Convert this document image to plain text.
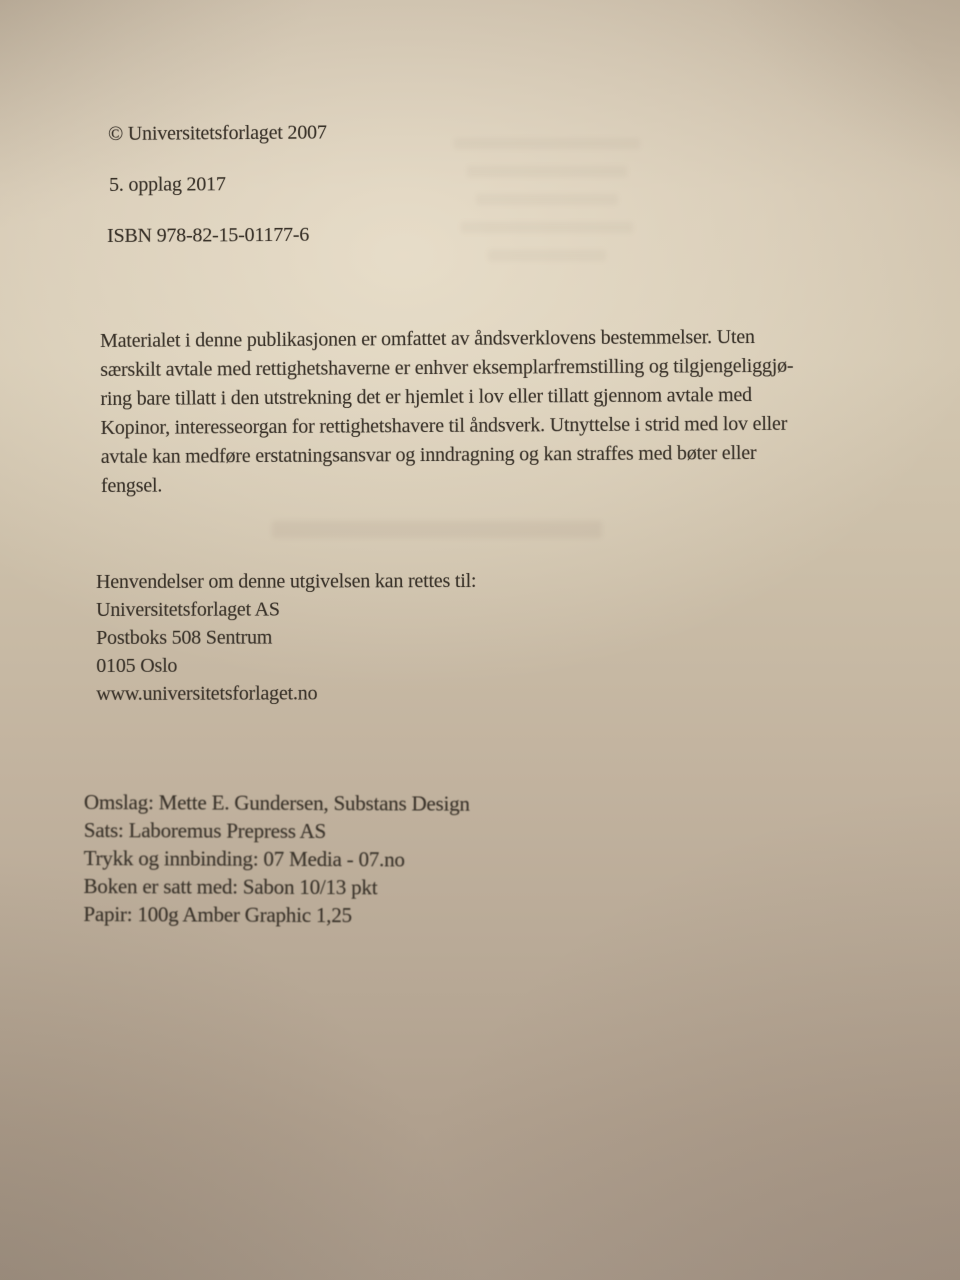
© Universitetsforlaget 2007
5. opplag 2017
ISBN 978-82-15-01177-6
Materialet i denne publikasjonen er omfattet av åndsverklovens bestemmelser. Uten
særskilt avtale med rettighetshaverne er enhver eksemplarfremstilling og tilgjengeliggjø-
ring bare tillatt i den utstrekning det er hjemlet i lov eller tillatt gjennom avtale med
Kopinor, interesseorgan for rettighetshavere til åndsverk. Utnyttelse i strid med lov eller
avtale kan medføre erstatningsansvar og inndragning og kan straffes med bøter eller
fengsel.
Henvendelser om denne utgivelsen kan rettes til:
Universitetsforlaget AS
Postboks 508 Sentrum
0105 Oslo
www.universitetsforlaget.no
Omslag: Mette E. Gundersen, Substans Design
Sats: Laboremus Prepress AS
Trykk og innbinding: 07 Media - 07.no
Boken er satt med: Sabon 10/13 pkt
Papir: 100g Amber Graphic 1,25
